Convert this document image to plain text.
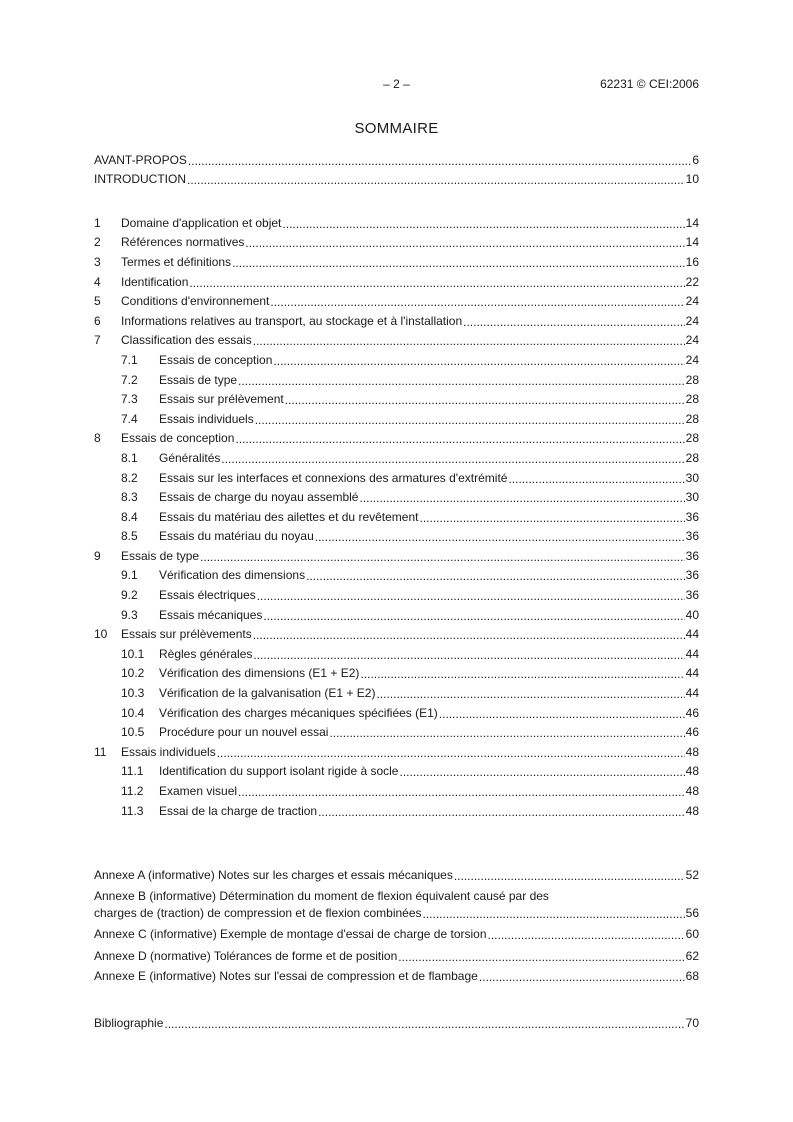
– 2 –	62231 © CEI:2006
SOMMAIRE
AVANT-PROPOS .....	6
INTRODUCTION .....	10
1	Domaine d'application et objet .....	14
2	Références normatives .....	14
3	Termes et définitions .....	16
4	Identification .....	22
5	Conditions d'environnement .....	24
6	Informations relatives au transport, au stockage et à l'installation .....	24
7	Classification des essais .....	24
7.1	Essais de conception .....	24
7.2	Essais de type .....	28
7.3	Essais sur prélèvement .....	28
7.4	Essais individuels .....	28
8	Essais de conception .....	28
8.1	Généralités .....	28
8.2	Essais sur les interfaces et connexions des armatures d'extrémité .....	30
8.3	Essais de charge du noyau assemblé .....	30
8.4	Essais du matériau des ailettes et du revêtement .....	36
8.5	Essais du matériau du noyau .....	36
9	Essais de type .....	36
9.1	Vérification des dimensions .....	36
9.2	Essais électriques .....	36
9.3	Essais mécaniques .....	40
10	Essais sur prélèvements .....	44
10.1	Règles générales .....	44
10.2	Vérification des dimensions (E1 + E2) .....	44
10.3	Vérification de la galvanisation (E1 + E2) .....	44
10.4	Vérification des charges mécaniques spécifiées (E1) .....	46
10.5	Procédure pour un nouvel essai .....	46
11	Essais individuels .....	48
11.1	Identification du support isolant rigide à socle .....	48
11.2	Examen visuel .....	48
11.3	Essai de la charge de traction .....	48
Annexe A (informative) Notes sur les charges et essais mécaniques .....	52
Annexe B (informative) Détermination du moment de flexion équivalent causé par des
charges de (traction) de compression et de flexion combinées .....	56
Annexe C (informative) Exemple de montage d'essai de charge de torsion .....	60
Annexe D (normative) Tolérances de forme et de position .....	62
Annexe E (informative) Notes sur l'essai de compression et de flambage .....	68
Bibliographie .....	70
